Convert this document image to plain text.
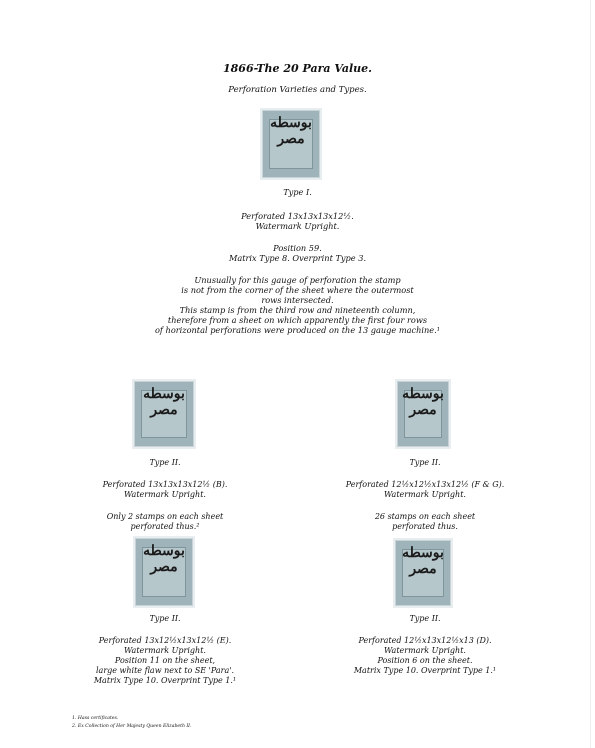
1866-The 20 Para Value.
Perforation Varieties and Types.
بوسطه مصر
Type I.
Perforated 13x13x13x12½.
Watermark Upright.
Position 59.
Matrix Type 8. Overprint Type 3.
Unusually for this gauge of perforation the stamp
is not from the corner of the sheet where the outermost
rows intersected.
This stamp is from the third row and nineteenth column,
therefore from a sheet on which apparently the first four rows
of horizontal perforations were produced on the 13 gauge machine.¹
بوسطه مصر
Type II.
Perforated 13x13x13x12½ (B).
Watermark Upright.
Only 2 stamps on each sheet
perforated thus.²
بوسطه مصر
Type II.
Perforated 12½x12½x13x12½ (F & G).
Watermark Upright.
26 stamps on each sheet
perforated thus.
بوسطه مصر
Type II.
Perforated 13x12½x13x12½ (E).
Watermark Upright.
Position 11 on the sheet,
large white flaw next to SE 'Para'.
Matrix Type 10. Overprint Type 1.¹
بوسطه مصر
Type II.
Perforated 12½x13x12½x13 (D).
Watermark Upright.
Position 6 on the sheet.
Matrix Type 10. Overprint Type 1.¹
1. Hass certificates.
2. Ex Collection of Her Majesty Queen Elizabeth II.
